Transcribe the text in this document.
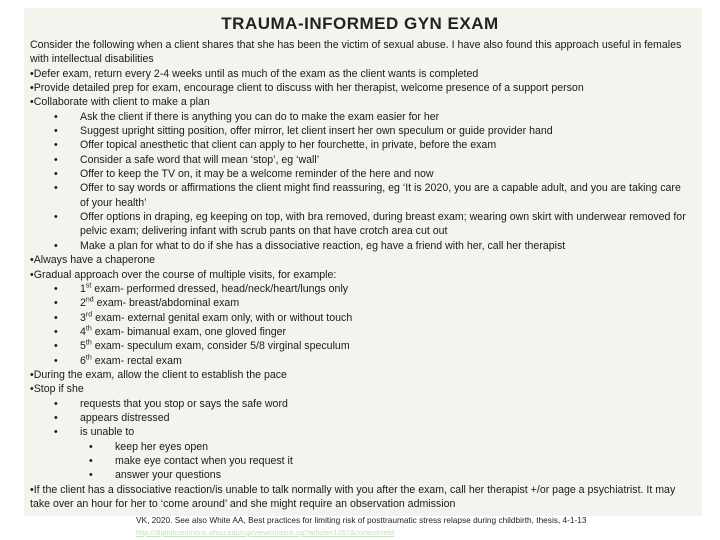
TRAUMA-INFORMED GYN EXAM
Consider the following when a client shares that she has been the victim of sexual abuse. I have also found this approach useful in females with intellectual disabilities
•Defer exam, return every 2-4 weeks until as much of the exam as the client wants is completed
•Provide detailed prep for exam, encourage client to discuss with her therapist, welcome presence of a support person
•Collaborate with client to make a plan
• Ask the client if there is anything you can do to make the exam easier for her
• Suggest upright sitting position, offer mirror, let client insert her own speculum or guide provider hand
• Offer topical anesthetic that client can apply to her fourchette, in private, before the exam
• Consider a safe word that will mean ‘stop’, eg ‘wall’
• Offer to keep the TV on, it may be a welcome reminder of the here and now
• Offer to say words or affirmations the client might find reassuring, eg ‘It is 2020, you are a capable adult, and you are taking care of your health’
• Offer options in draping, eg keeping on top, with bra removed, during breast exam; wearing own skirt with underwear removed for pelvic exam; delivering infant with scrub pants on that have crotch area cut out
• Make a plan for what to do if she has a dissociative reaction, eg have a friend with her, call her therapist
•Always have a chaperone
•Gradual approach over the course of multiple visits, for example:
• 1st exam- performed dressed, head/neck/heart/lungs only
• 2nd exam- breast/abdominal exam
• 3rd exam- external genital exam only, with or without touch
• 4th exam- bimanual exam, one gloved finger
• 5th exam- speculum exam, consider 5/8 virginal speculum
• 6th exam- rectal exam
•During the exam, allow the client to establish the pace
•Stop if she
• requests that you stop or says the safe word
• appears distressed
• is unable to
• keep her eyes open
• make eye contact when you request it
• answer your questions
•If the client has a dissociative reaction/is unable to talk normally with you after the exam, call her therapist +/or page a psychiatrist. It may take over an hour for her to ‘come around’ and she might require an observation admission
VK, 2020. See also White AA, Best practices for limiting risk of posttraumatic stress relapse during childbirth, thesis, 4-1-13
http://digitalcommons.ohsu.edu/cgi/viewcontent.cgi?article=1057&context=etd
